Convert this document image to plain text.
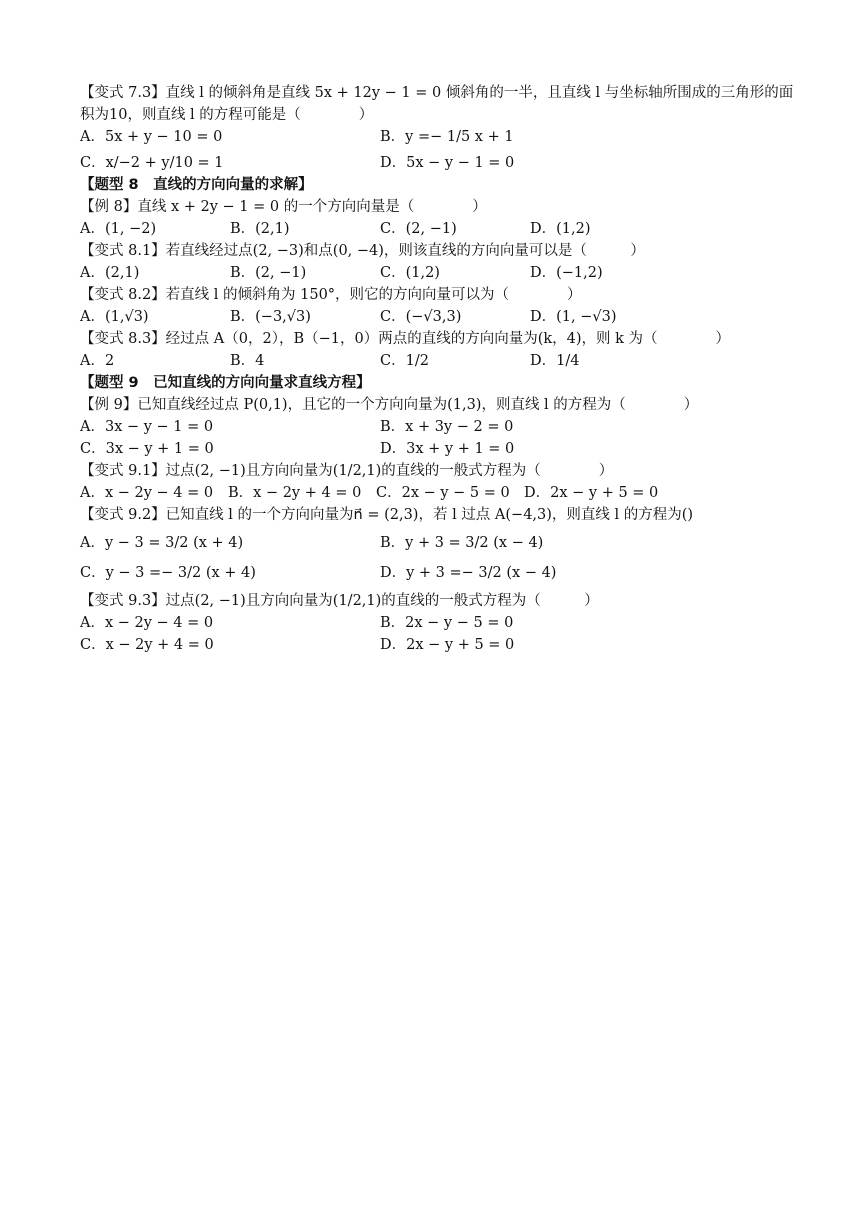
【变式 7.3】直线 l 的倾斜角是直线 5x + 12y − 1 = 0 倾斜角的一半，且直线 l 与坐标轴所围成的三角形的面积为10，则直线 l 的方程可能是（　　　　）

A．5x + y − 10 = 0	B．y =− 1/5 x + 1
C．x/−2 + y/10 = 1	D．5x − y − 1 = 0

【题型 8　直线的方向向量的求解】

【例 8】直线 x + 2y − 1 = 0 的一个方向向量是（　　　　）

A．(1, −2)	B．(2,1)	C．(2, −1)	D．(1,2)

【变式 8.1】若直线经过点(2, −3)和点(0, −4)，则该直线的方向向量可以是（　　　）

A．(2,1)	B．(2, −1)	C．(1,2)	D．(−1,2)

【变式 8.2】若直线 l 的倾斜角为 150°，则它的方向向量可以为（　　　　）

A．(1,√3)	B．(−3,√3)	C．(−√3,3)	D．(1, −√3)

【变式 8.3】经过点 A（0，2），B（−1，0）两点的直线的方向向量为(k，4)，则 k 为（　　　　）

A．2	B．4	C．1/2	D．1/4

【题型 9　已知直线的方向向量求直线方程】

【例 9】已知直线经过点 P(0,1)，且它的一个方向向量为(1,3)，则直线 l 的方程为（　　　　）

A．3x − y − 1 = 0	B．x + 3y − 2 = 0
C．3x − y + 1 = 0	D．3x + y + 1 = 0

【变式 9.1】过点(2, −1)且方向向量为(1/2,1)的直线的一般式方程为（　　　　）

A．x − 2y − 4 = 0	B．x − 2y + 4 = 0	C．2x − y − 5 = 0 D．2x − y + 5 = 0

【变式 9.2】已知直线 l 的一个方向向量为n⃗ = (2,3)，若 l 过点 A(−4,3)，则直线 l 的方程为()

A．y − 3 = 3/2 (x + 4)	B．y + 3 = 3/2 (x − 4)
C．y − 3 =− 3/2 (x + 4)	D．y + 3 =− 3/2 (x − 4)

【变式 9.3】过点(2, −1)且方向向量为(1/2,1)的直线的一般式方程为（　　　）

A．x − 2y − 4 = 0	B．2x − y − 5 = 0
C．x − 2y + 4 = 0	D．2x − y + 5 = 0
